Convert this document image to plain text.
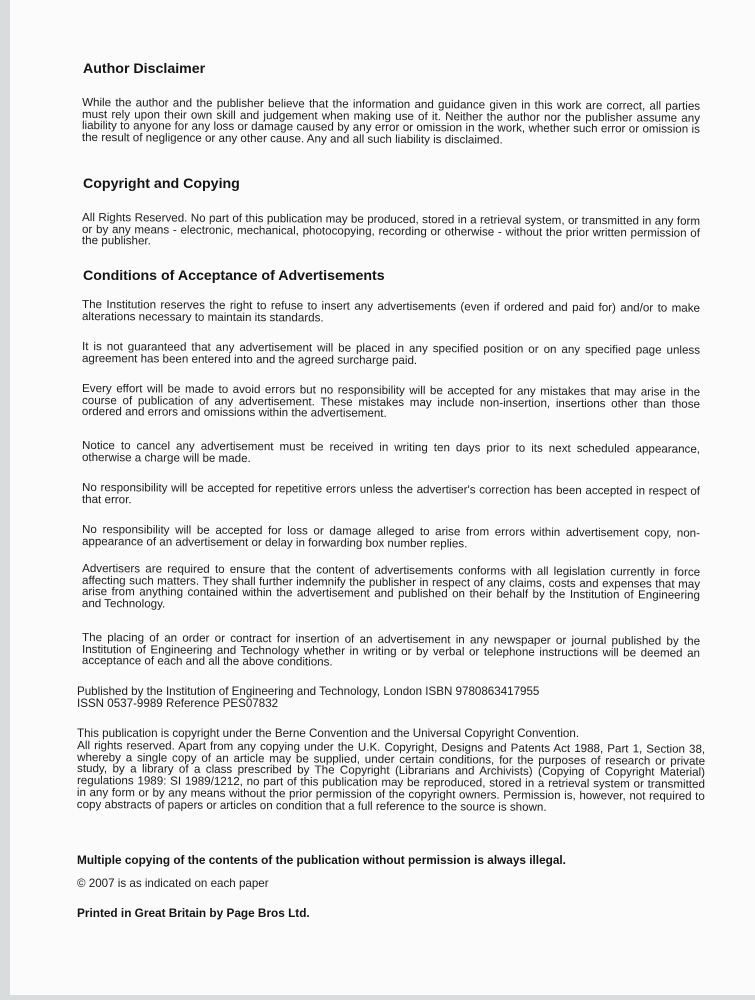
Author Disclaimer
While the author and the publisher believe that the information and guidance given in this work are correct, all parties must rely upon their own skill and judgement when making use of it. Neither the author nor the publisher assume any liability to anyone for any loss or damage caused by any error or omission in the work, whether such error or omission is the result of negligence or any other cause. Any and all such liability is disclaimed.
Copyright and Copying
All Rights Reserved. No part of this publication may be produced, stored in a retrieval system, or transmitted in any form or by any means - electronic, mechanical, photocopying, recording or otherwise - without the prior written permission of the publisher.
Conditions of Acceptance of Advertisements
The Institution reserves the right to refuse to insert any advertisements (even if ordered and paid for) and/or to make alterations necessary to maintain its standards.
It is not guaranteed that any advertisement will be placed in any specified position or on any specified page unless agreement has been entered into and the agreed surcharge paid.
Every effort will be made to avoid errors but no responsibility will be accepted for any mistakes that may arise in the course of publication of any advertisement. These mistakes may include non-insertion, insertions other than those ordered and errors and omissions within the advertisement.
Notice to cancel any advertisement must be received in writing ten days prior to its next scheduled appearance, otherwise a charge will be made.
No responsibility will be accepted for repetitive errors unless the advertiser's correction has been accepted in respect of that error.
No responsibility will be accepted for loss or damage alleged to arise from errors within advertisement copy, non-appearance of an advertisement or delay in forwarding box number replies.
Advertisers are required to ensure that the content of advertisements conforms with all legislation currently in force affecting such matters. They shall further indemnify the publisher in respect of any claims, costs and expenses that may arise from anything contained within the advertisement and published on their behalf by the Institution of Engineering and Technology.
The placing of an order or contract for insertion of an advertisement in any newspaper or journal published by the Institution of Engineering and Technology whether in writing or by verbal or telephone instructions will be deemed an acceptance of each and all the above conditions.
Published by the Institution of Engineering and Technology, London ISBN 9780863417955
ISSN 0537-9989 Reference PES07832
This publication is copyright under the Berne Convention and the Universal Copyright Convention.
All rights reserved. Apart from any copying under the U.K. Copyright, Designs and Patents Act 1988, Part 1, Section 38, whereby a single copy of an article may be supplied, under certain conditions, for the purposes of research or private study, by a library of a class prescribed by The Copyright (Librarians and Archivists) (Copying of Copyright Material) regulations 1989: SI 1989/1212, no part of this publication may be reproduced, stored in a retrieval system or transmitted in any form or by any means without the prior permission of the copyright owners. Permission is, however, not required to copy abstracts of papers or articles on condition that a full reference to the source is shown.
Multiple copying of the contents of the publication without permission is always illegal.
© 2007 is as indicated on each paper
Printed in Great Britain by Page Bros Ltd.
